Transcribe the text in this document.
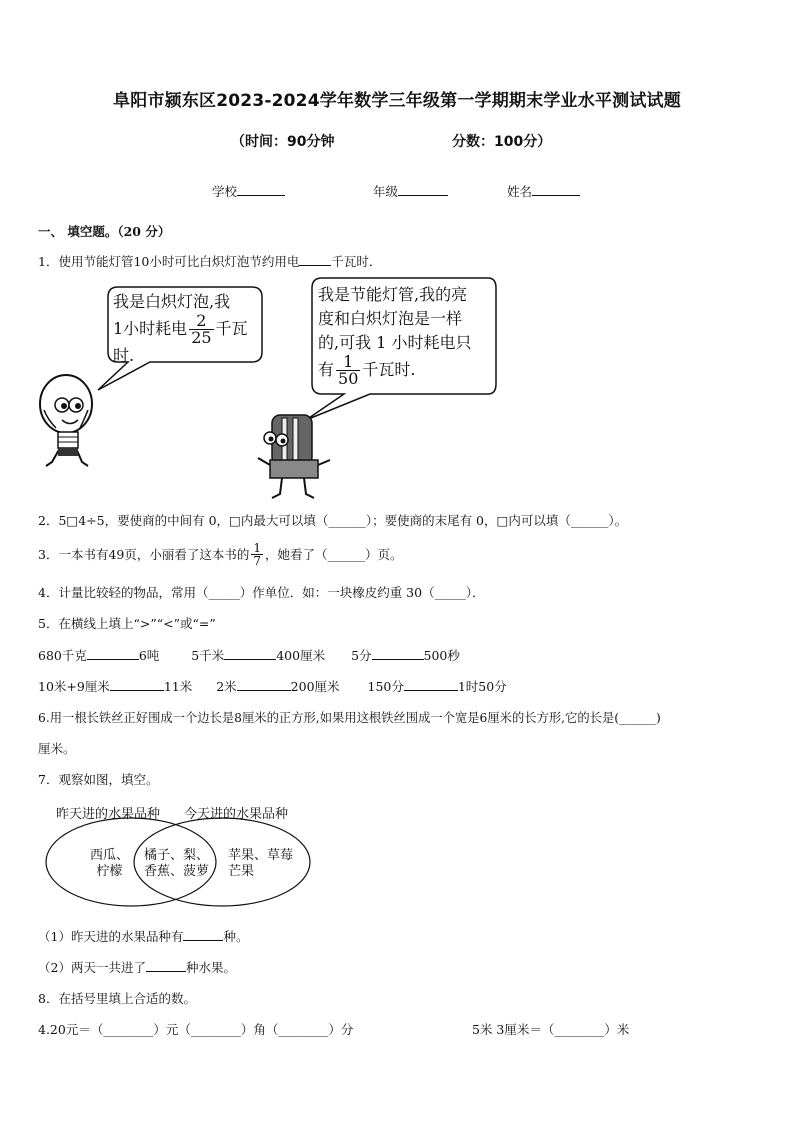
阜阳市颍东区2023-2024学年数学三年级第一学期期末学业水平测试试题
（时间：90分钟	分数：100分）
学校	年级	姓名
一、 填空题。（20 分）
1．使用节能灯管10小时可比白炽灯泡节约用电	千瓦时．
我是白炽灯泡,我
1小时耗电 $\frac{2}{25}$ 千瓦
时.
我是节能灯管,我的亮
度和白炽灯泡是一样
的,可我 1 小时耗电只
有 $\frac{1}{50}$ 千瓦时.
2．5□4÷5，要使商的中间有 0，□内最大可以填（______）；要使商的末尾有 0，□内可以填（______）。
3．一本书有49页，小丽看了这本书的 $\frac{1}{7}$ ，她看了（______）页。
4．计量比较轻的物品，常用（_____）作单位．如：一块橡皮约重 30（_____）．
5．在横线上填上“>”“<”或“=”
680千克	6吨	5千米	400厘米 5分	500秒
10米+9厘米	11米 2米	200厘米 150分	1时50分
6.用一根长铁丝正好围成一个边长是8厘米的正方形,如果用这根铁丝围成一个宽是6厘米的长方形,它的长是(______)
厘米。
7．观察如图，填空。
昨天进的水果品种 今天进的水果品种
西瓜、
柠檬
橘子、梨、
香蕉、菠萝
苹果、草莓
芒果
（1）昨天进的水果品种有	种。
（2）两天一共进了	种水果。
8．在括号里填上合适的数。
4.20元＝（________）元（________）角（________）分	5米 3厘米＝（________）米
